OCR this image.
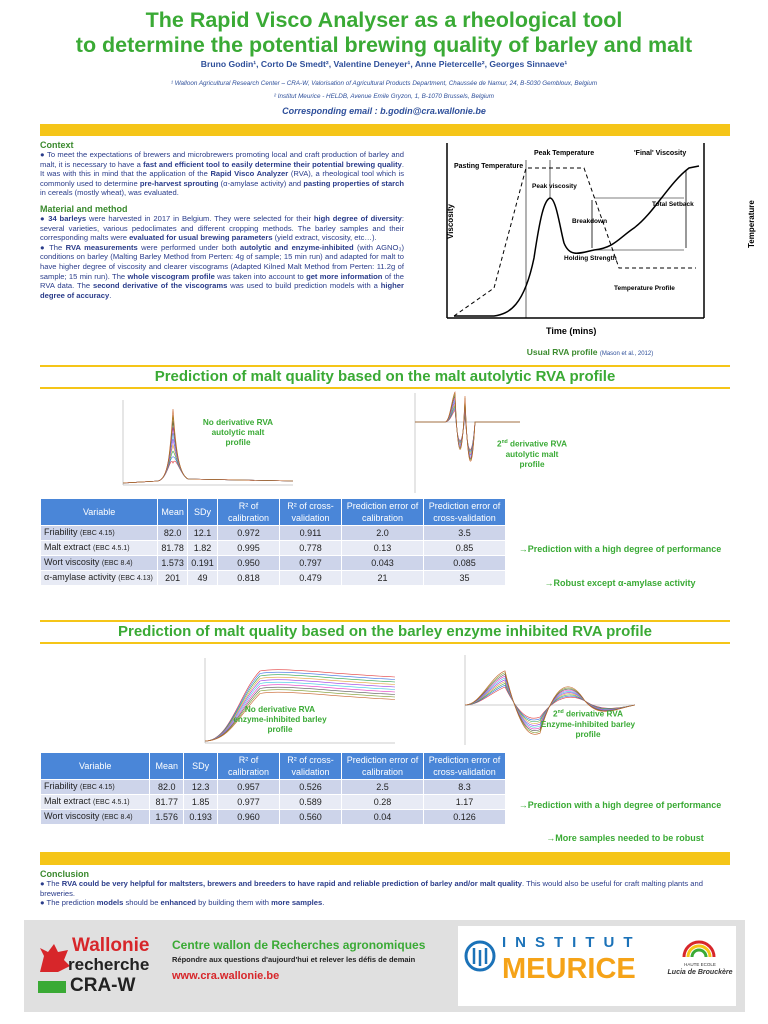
The Rapid Visco Analyser as a rheological tool
to determine the potential brewing quality of barley and malt
Bruno Godin¹, Corto De Smedt², Valentine Deneyer¹, Anne Pietercelle², Georges Sinnaeve¹
¹ Walloon Agricultural Research Center – CRA-W, Valorisation of Agricultural Products Department, Chaussée de Namur, 24, B-5030 Gembloux, Belgium
² Institut Meurice - HELDB, Avenue Emile Gryzon, 1, B-1070 Brussels, Belgium
Corresponding email : b.godin@cra.wallonie.be
Context
● To meet the expectations of brewers and microbrewers promoting local and craft production of barley and malt, it is necessary to have a fast and efficient tool to easily determine their potential brewing quality. It was with this in mind that the application of the Rapid Visco Analyzer (RVA), a rheological tool which is commonly used to determine pre-harvest sprouting (α-amylase activity) and pasting properties of starch in cereals (mostly wheat), was evaluated.
Material and method
● 34 barleys were harvested in 2017 in Belgium. They were selected for their high degree of diversity: several varieties, various pedoclimates and different cropping methods. The barley samples and their corresponding malts were evaluated for usual brewing parameters (yield extract, viscosity, etc…).
● The RVA measurements were performed under both autolytic and enzyme-inhibited (with AGNO₃) conditions on barley (Malting Barley Method from Perten: 4g of sample; 15 min run) and adapted for malt to have higher degree of viscosity and clearer viscograms (Adapted Kilned Malt Method from Perten: 11.2g of sample; 15 min run). The whole viscogram profile was taken into account to get more information of the RVA data. The second derivative of the viscograms was used to build prediction models with a higher degree of accuracy.
Pasting Temperature
Peak Temperature	'Final' Viscosity
Peak viscosity
Breakdown
Total Setback
Holding Strength
Temperature Profile
Viscosity	Temperature
Time (mins)
Usual RVA profile (Mason et al., 2012)
Prediction of malt quality based on the malt autolytic RVA profile
No derivative RVA autolytic malt profile	2nd derivative RVA autolytic malt profile
Variable	Mean	SDy	R² of calibration	R² of cross-validation	Prediction error of calibration	Prediction error of cross-validation
Friability (EBC 4.15)	82.0	12.1	0.972	0.911	2.0	3.5
Malt extract (EBC 4.5.1)	81.78	1.82	0.995	0.778	0.13	0.85
Wort viscosity (EBC 8.4)	1.573	0.191	0.950	0.797	0.043	0.085
α-amylase activity (EBC 4.13)	201	49	0.818	0.479	21	35
→Prediction with a high degree of performance
→Robust except α-amylase activity
Prediction of malt quality based on the barley enzyme inhibited RVA profile
No derivative RVA enzyme-inhibited barley profile
2nd derivative RVA Enzyme-inhibited barley profile
Variable	Mean	SDy	R² of calibration	R² of cross-validation	Prediction error of calibration	Prediction error of cross-validation
Friability (EBC 4.15)	82.0	12.3	0.957	0.526	2.5	8.3
Malt extract (EBC 4.5.1)	81.77	1.85	0.977	0.589	0.28	1.17
Wort viscosity (EBC 8.4)	1.576	0.193	0.960	0.560	0.04	0.126
→Prediction with a high degree of performance
→More samples needed to be robust
Conclusion
● The RVA could be very helpful for maltsters, brewers and breeders to have rapid and reliable prediction of barley and/or malt quality. This would also be useful for craft malting plants and breweries.
● The prediction models should be enhanced by building them with more samples.
Wallonie
recherche
CRA-W
Centre wallon de Recherches agronomiques
Répondre aux questions d'aujourd'hui et relever les défis de demain
www.cra.wallonie.be
INSTITUT
MEURICE	HAUTE ECOLE
Lucia de Brouckère
